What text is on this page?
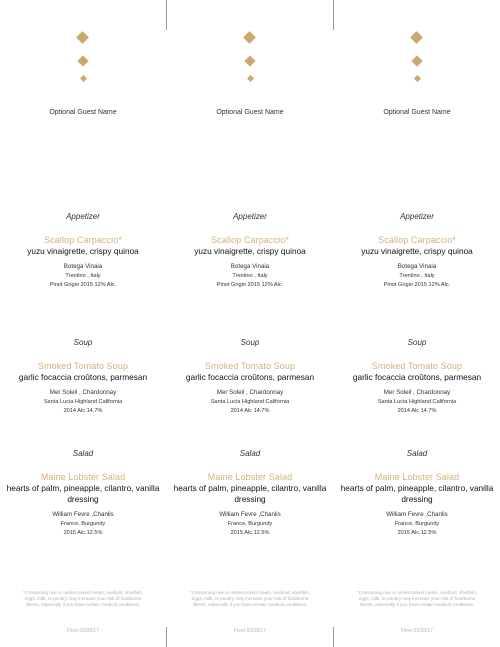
Optional Guest Name
Appetizer
Scallop Carpaccio*
yuzu vinaigrette, crispy quinoa
Botega Vinaia
Trentino , Italy
Pinot Grigio 2015 12% Alc.
Soup
Smoked Tomato Soup
garlic focaccia croûtons, parmesan
Mer Soleil , Chardonnay
Santa Lucia Highland California
2014 Alc 14.7%
Salad
Maine Lobster Salad
hearts of palm, pineapple, cilantro, vanilla dressing
William Fevre ,Chanlis
France, Burgundy
2015 Alc.12.5%
*Consuming raw or undercooked meats, seafood, shellfish, eggs, milk, or poultry may increase your risk of foodborne illness, especially if you have certain medical conditions.
Fleet 03/28/17
Optional Guest Name
Appetizer
Scallop Carpaccio*
yuzu vinaigrette, crispy quinoa
Botega Vinaia
Trentino , Italy
Pinot Grigio 2015 12% Alc.
Soup
Smoked Tomato Soup
garlic focaccia croûtons, parmesan
Mer Soleil , Chardonnay
Santa Lucia Highland California
2014 Alc 14.7%
Salad
Maine Lobster Salad
hearts of palm, pineapple, cilantro, vanilla dressing
William Fevre ,Chanlis
France, Burgundy
2015 Alc.12.5%
*Consuming raw or undercooked meats, seafood, shellfish, eggs, milk, or poultry may increase your risk of foodborne illness, especially if you have certain medical conditions.
Fleet 03/28/17
Optional Guest Name
Appetizer
Scallop Carpaccio*
yuzu vinaigrette, crispy quinoa
Botega Vinaia
Trentino , Italy
Pinot Grigio 2015 12% Alc.
Soup
Smoked Tomato Soup
garlic focaccia croûtons, parmesan
Mer Soleil , Chardonnay
Santa Lucia Highland California
2014 Alc 14.7%
Salad
Maine Lobster Salad
hearts of palm, pineapple, cilantro, vanilla dressing
William Fevre ,Chanlis
France, Burgundy
2015 Alc.12.5%
*Consuming raw or undercooked meats, seafood, shellfish, eggs, milk, or poultry may increase your risk of foodborne illness, especially if you have certain medical conditions.
Fleet 03/28/17
